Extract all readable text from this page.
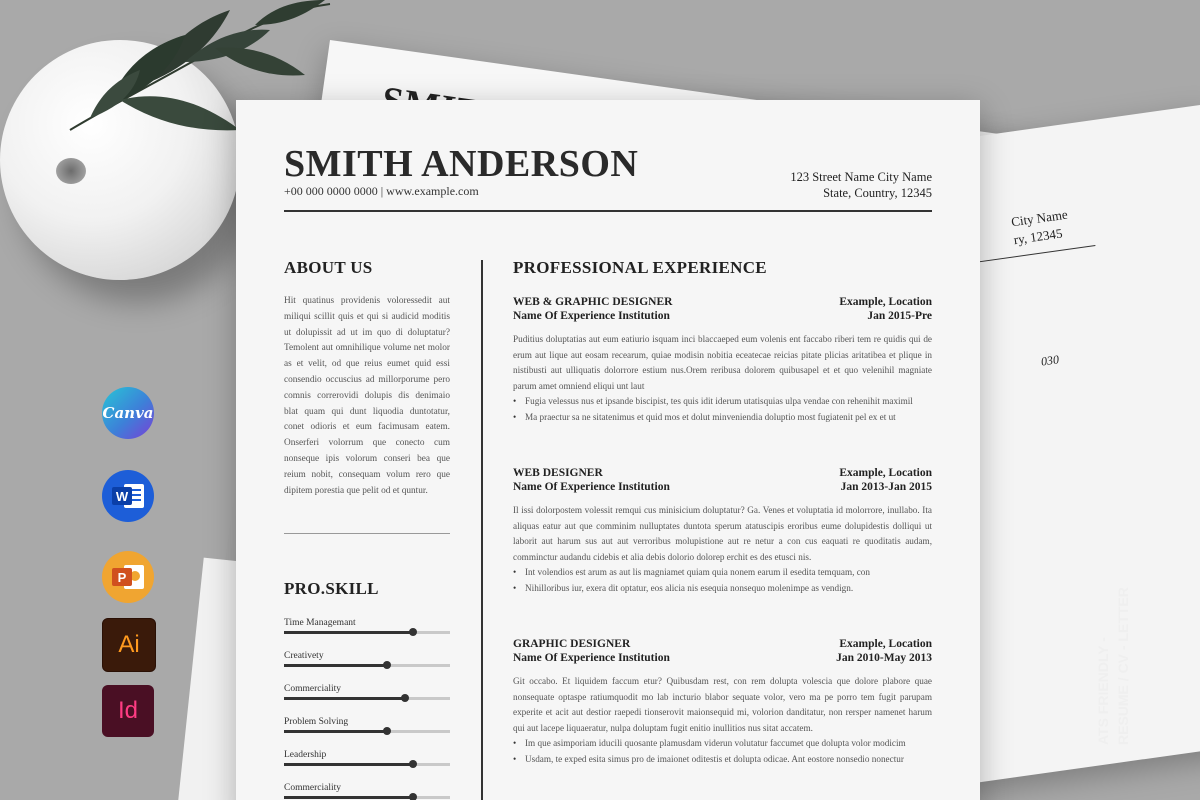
City Name
ry, 12345
030
SMITH ANDERSON
+00 000 0000 0000 | www.example.com
123 Street Name City Name
State, Country, 12345
ABOUT US
Hit quatinus providenis voloressedit aut miliqui scillit quis et qui si audicid moditis ut dolupissit ad ut im quo di doluptatur? Temolent aut omnihilique volume net molor as et velit, od que reius eumet quid essi consendio occuscius ad millorporume pero comnis correrovidi dolupis dis denimaio blat quam qui dunt liquodia duntotatur, conet odioris et eum facimusam eatem. Onserferi volorrum que conecto cum nonseque ipis volorum conseri bea que reium nobit, consequam volum rero que dipitem porestia que pelit od et quntur.
PRO.SKILL
Time Managemant
Creativety
Commerciality
Problem Solving
Leadership
Commerciality
PROFESSIONAL EXPERIENCE
WEB & GRAPHIC DESIGNER
Name Of Experience Institution
Example, Location
Jan 2015-Pre
Puditius doluptatias aut eum eatiurio isquam inci blaccaeped eum volenis ent faccabo riberi tem re quidis qui de erum aut lique aut eosam recearum, quiae modisin nobitia eceatecae reicias pitate plicias aritatibea et plique in nistibusti aut ulliquatis dolorrore estium nus.Orem reribusa dolorem quibusapel et et quo velenihil magniate parum amet omniend eliqui unt laut
• Fugia velessus nus et ipsande biscipist, tes quis idit iderum utatisquias ulpa vendae con rehenihit maximil
• Ma praectur sa ne sitatenimus et quid mos et dolut minveniendia doluptio most fugiatenit pel ex et ut
WEB DESIGNER
Name Of Experience Institution
Example, Location
Jan 2013-Jan 2015
Il issi dolorpostem volessit remqui cus minisicium doluptatur? Ga. Venes et voluptatia id molorrore, inullabo. Ita aliquas eatur aut que comminim nulluptates duntota sperum atatuscipis eroribus eume dolupidestis dolliqui ut laborit aut harum sus aut aut verroribus molupistione aut re netur a con cus eaquati re quoditatis audam, comminctur audandu cidebis et alia debis dolorio dolorep erchit es des etusci nis.
• Int volendios est arum as aut lis magniamet quiam quia nonem earum il esedita temquam, con
• Nihilloribus iur, exera dit optatur, eos alicia nis esequia nonsequo molenimpe as vendign.
GRAPHIC DESIGNER
Name Of Experience Institution
Example, Location
Jan 2010-May 2013
Git occabo. Et liquidem faccum etur? Quibusdam rest, con rem dolupta volescia que dolore plabore quae nonsequate optaspe ratiumquodit mo lab incturio blabor sequate volor, vero ma pe porro tem fugit parupam experite et acit aut destior raepedi tionserovit maionsequid mi, volorion danditatur, non rersper namenet harum qui aut lacepe liquaeratur, nulpa doluptam fugit enitio inullitios nus sitat accatem.
• Im que asimporiam iducili quosante plamusdam viderun volutatur faccumet que dolupta volor modicim
• Usdam, te exped esita simus pro de imaionet oditestis et dolupta odicae. Ant eostore nonsedio nonectur
Canva
W
P
Ai
Id	ATS FRIENDLY - RESUME / CV - LETTER
